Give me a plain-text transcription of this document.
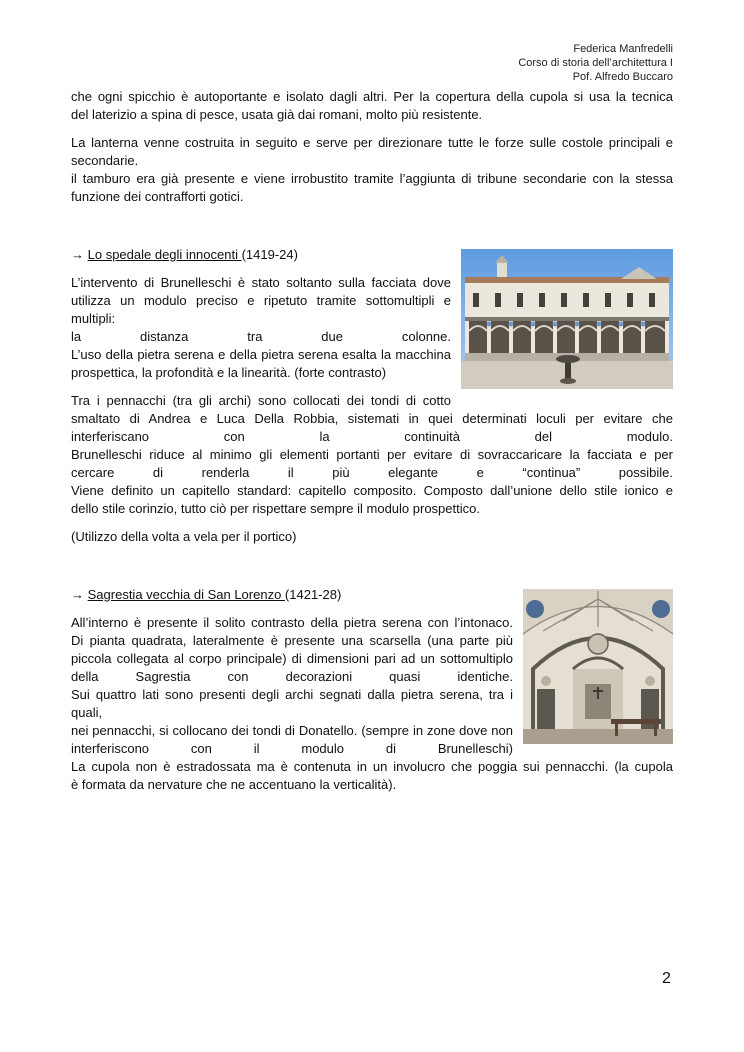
Federica Manfredelli
Corso di storia dell’architettura I
Pof. Alfredo Buccaro

che ogni spicchio è autoportante e isolato dagli altri. Per la copertura della cupola si usa la tecnica
del laterizio a spina di pesce, usata già dai romani, molto più resistente.

La lanterna venne costruita in seguito e serve per direzionare tutte le forze sulle costole principali e
secondarie.
il tamburo era già presente e viene irrobustito tramite l’aggiunta di tribune secondarie con la stessa
funzione dei contrafforti gotici.

→ Lo spedale degli innocenti (1419-24)

L’intervento di Brunelleschi è stato soltanto sulla facciata dove
utilizza un modulo preciso e ripetuto tramite sottomultipli e multipli:
la distanza tra due colonne.
L’uso della pietra serena e della pietra serena esalta la macchina
prospettica, la profondità e la linearità. (forte contrasto)

Tra i pennacchi (tra gli archi) sono collocati dei tondi di cotto
smaltato di Andrea e Luca Della Robbia, sistemati in quei determinati loculi per evitare che
interferiscano con la continuità del modulo.
Brunelleschi riduce al minimo gli elementi portanti per evitare di sovraccaricare la facciata e per
cercare di renderla il più elegante e “continua” possibile.
Viene definito un capitello standard: capitello composito. Composto dall’unione dello stile ionico e
dello stile corinzio, tutto ciò per rispettare sempre il modulo prospettico.

(Utilizzo della volta a vela per il portico)

→ Sagrestia vecchia di San Lorenzo (1421-28)

All’interno è presente il solito contrasto della pietra serena con l’intonaco.
Di pianta quadrata, lateralmente è presente una scarsella (una parte più
piccola collegata al corpo principale) di dimensioni pari ad un sottomultiplo
della Sagrestia con decorazioni quasi identiche.
Sui quattro lati sono presenti degli archi segnati dalla pietra serena, tra i quali,
nei pennacchi, si collocano dei tondi di Donatello. (sempre in zone dove non
interferiscono con il modulo di Brunelleschi)
La cupola non è estradossata ma è contenuta in un involucro che poggia sui pennacchi. (la cupola
è formata da nervature che ne accentuano la verticalità).

2
